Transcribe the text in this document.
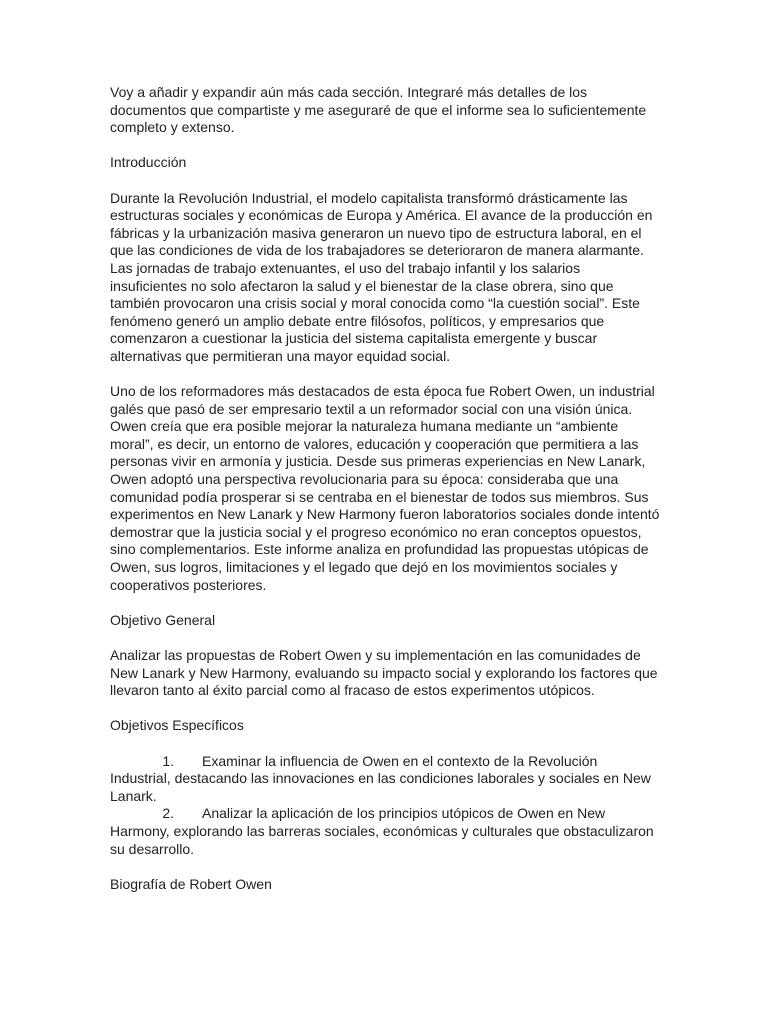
Voy a añadir y expandir aún más cada sección. Integraré más detalles de los documentos que compartiste y me aseguraré de que el informe sea lo suficientemente completo y extenso.

Introducción

Durante la Revolución Industrial, el modelo capitalista transformó drásticamente las estructuras sociales y económicas de Europa y América. El avance de la producción en fábricas y la urbanización masiva generaron un nuevo tipo de estructura laboral, en el que las condiciones de vida de los trabajadores se deterioraron de manera alarmante. Las jornadas de trabajo extenuantes, el uso del trabajo infantil y los salarios insuficientes no solo afectaron la salud y el bienestar de la clase obrera, sino que también provocaron una crisis social y moral conocida como “la cuestión social”. Este fenómeno generó un amplio debate entre filósofos, políticos, y empresarios que comenzaron a cuestionar la justicia del sistema capitalista emergente y buscar alternativas que permitieran una mayor equidad social.

Uno de los reformadores más destacados de esta época fue Robert Owen, un industrial galés que pasó de ser empresario textil a un reformador social con una visión única. Owen creía que era posible mejorar la naturaleza humana mediante un “ambiente moral”, es decir, un entorno de valores, educación y cooperación que permitiera a las personas vivir en armonía y justicia. Desde sus primeras experiencias en New Lanark, Owen adoptó una perspectiva revolucionaria para su época: consideraba que una comunidad podía prosperar si se centraba en el bienestar de todos sus miembros. Sus experimentos en New Lanark y New Harmony fueron laboratorios sociales donde intentó demostrar que la justicia social y el progreso económico no eran conceptos opuestos, sino complementarios. Este informe analiza en profundidad las propuestas utópicas de Owen, sus logros, limitaciones y el legado que dejó en los movimientos sociales y cooperativos posteriores.

Objetivo General

Analizar las propuestas de Robert Owen y su implementación en las comunidades de New Lanark y New Harmony, evaluando su impacto social y explorando los factores que llevaron tanto al éxito parcial como al fracaso de estos experimentos utópicos.

Objetivos Específicos

1. Examinar la influencia de Owen en el contexto de la Revolución Industrial, destacando las innovaciones en las condiciones laborales y sociales en New Lanark.
2. Analizar la aplicación de los principios utópicos de Owen en New Harmony, explorando las barreras sociales, económicas y culturales que obstaculizaron su desarrollo.

Biografía de Robert Owen
